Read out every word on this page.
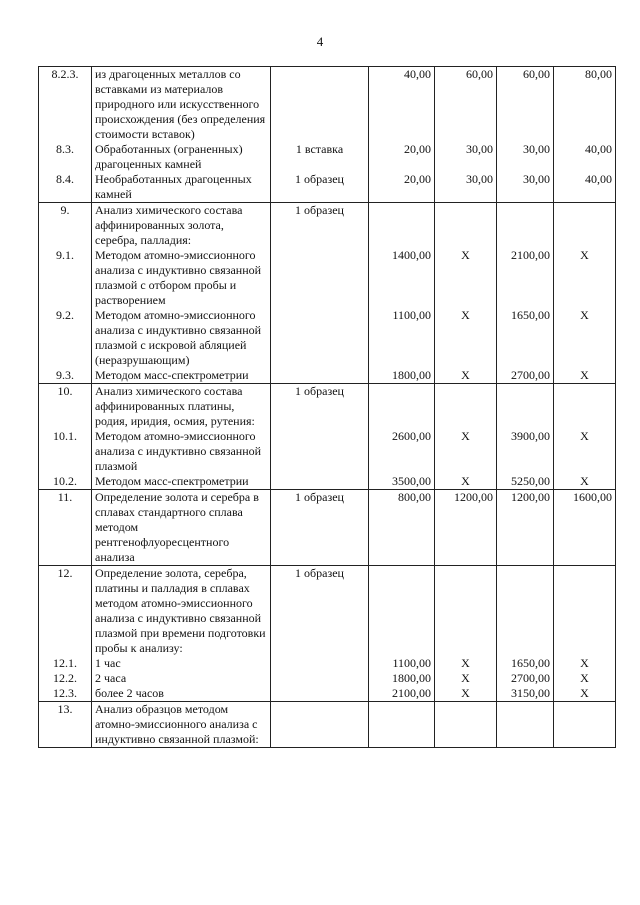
4
8.2.3.	из драгоценных металлов со вставками из материалов природного или искусственного происхождения (без определения стоимости вставок)		40,00	60,00	60,00	80,00
8.3.	Обработанных (ограненных) драгоценных камней	1 вставка	20,00	30,00	30,00	40,00
8.4.	Необработанных драгоценных камней	1 образец	20,00	30,00	30,00	40,00
9.	Анализ химического состава аффинированных золота, серебра, палладия:	1 образец				
9.1.	Методом атомно-эмиссионного анализа с индуктивно связанной плазмой с отбором пробы и растворением		1400,00	Х	2100,00	Х
9.2.	Методом атомно-эмиссионного анализа с индуктивно связанной плазмой с искровой абляцией (неразрушающим)		1100,00	Х	1650,00	Х
9.3.	Методом масс-спектрометрии		1800,00	Х	2700,00	Х
10.	Анализ химического состава аффинированных платины, родия, иридия, осмия, рутения:	1 образец				
10.1.	Методом атомно-эмиссионного анализа с индуктивно связанной плазмой		2600,00	Х	3900,00	Х
10.2.	Методом масс-спектрометрии		3500,00	Х	5250,00	Х
11.	Определение золота и серебра в сплавах стандартного сплава методом рентгенофлуоресцентного анализа	1 образец	800,00	1200,00	1200,00	1600,00
12.	Определение золота, серебра, платины и палладия в сплавах методом атомно-эмиссионного анализа с индуктивно связанной плазмой при времени подготовки пробы к анализу:	1 образец				
12.1.	1 час		1100,00	Х	1650,00	Х
12.2.	2 часа		1800,00	Х	2700,00	Х
12.3.	более 2 часов		2100,00	Х	3150,00	Х
13.	Анализ образцов методом атомно-эмиссионного анализа с индуктивно связанной плазмой:					
